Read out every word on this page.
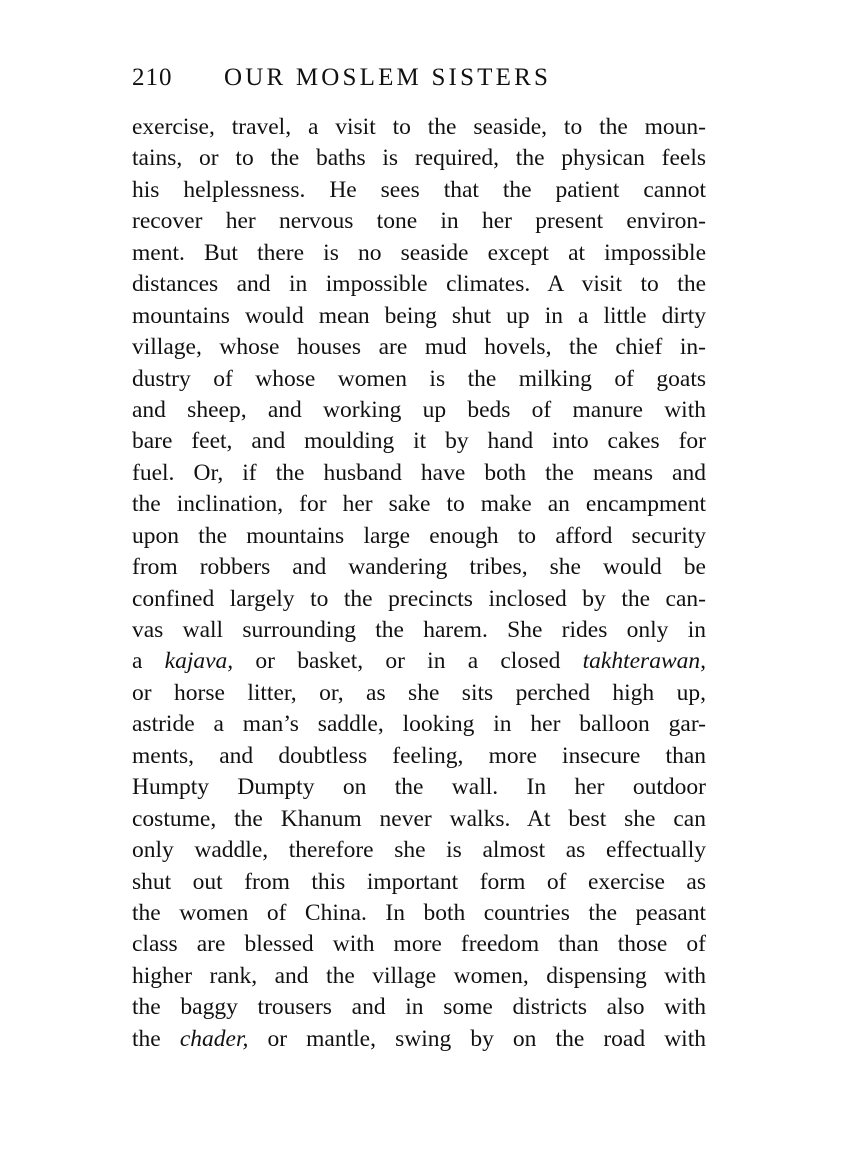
210 OUR MOSLEM SISTERS
exercise, travel, a visit to the seaside, to the moun-
tains, or to the baths is required, the physican feels
his helplessness. He sees that the patient cannot
recover her nervous tone in her present environ-
ment. But there is no seaside except at impossible
distances and in impossible climates. A visit to the
mountains would mean being shut up in a little dirty
village, whose houses are mud hovels, the chief in-
dustry of whose women is the milking of goats
and sheep, and working up beds of manure with
bare feet, and moulding it by hand into cakes for
fuel. Or, if the husband have both the means and
the inclination, for her sake to make an encampment
upon the mountains large enough to afford security
from robbers and wandering tribes, she would be
confined largely to the precincts inclosed by the can-
vas wall surrounding the harem. She rides only in
a kajava, or basket, or in a closed takhterawan,
or horse litter, or, as she sits perched high up,
astride a man’s saddle, looking in her balloon gar-
ments, and doubtless feeling, more insecure than
Humpty Dumpty on the wall. In her outdoor
costume, the Khanum never walks. At best she can
only waddle, therefore she is almost as effectually
shut out from this important form of exercise as
the women of China. In both countries the peasant
class are blessed with more freedom than those of
higher rank, and the village women, dispensing with
the baggy trousers and in some districts also with
the chader, or mantle, swing by on the road with
